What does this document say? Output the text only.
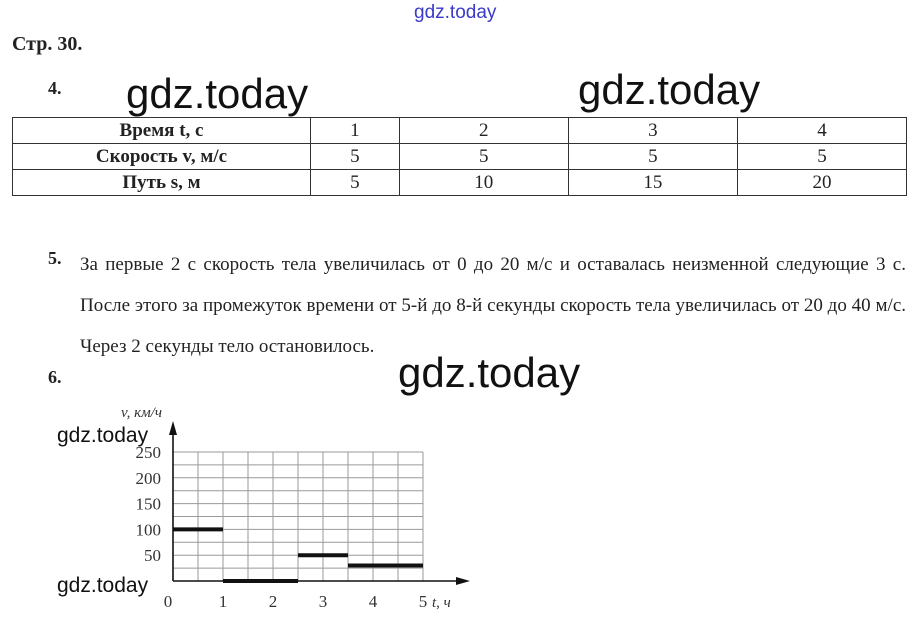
gdz.today
gdz.today	gdz.today
gdz.today
gdz.today
gdz.today
Стр. 30.
4.
Время t, с	1	2	3	4
Скорость v, м/с	5	5	5	5
Путь s, м	5	10	15	20
5. За первые 2 с скорость тела увеличилась от 0 до 20 м/с и оставалась неизменной следующие 3 с. После этого за промежуток времени от 5-й до 8-й секунды скорость тела увеличилась от 20 до 40 м/с. Через 2 секунды тело остановилось.
6.
50
100
150
200
250
0	1 2 3 4 5
v, км/ч
t, ч
